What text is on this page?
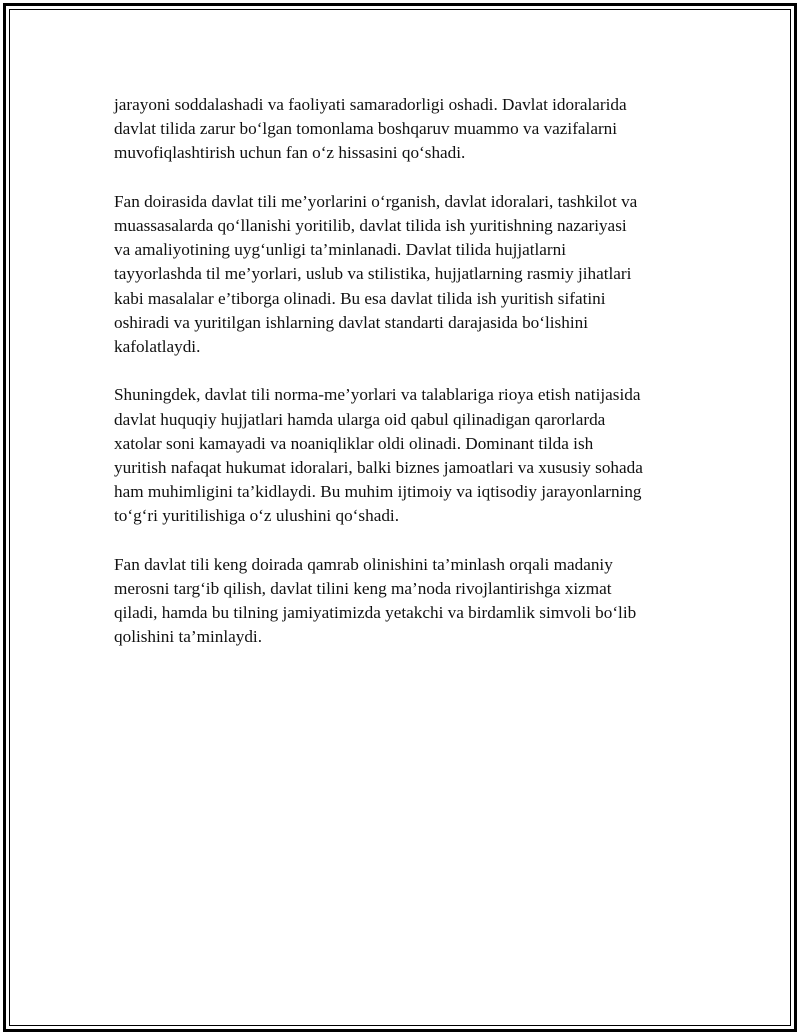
jarayoni soddalashadi va faoliyati samaradorligi oshadi. Davlat idoralarida
davlat tilida zarur bo‘lgan tomonlama boshqaruv muammo va vazifalarni
muvofiqlashtirish uchun fan o‘z hissasini qo‘shadi.

Fan doirasida davlat tili me’yorlarini o‘rganish, davlat idoralari, tashkilot va
muassasalarda qo‘llanishi yoritilib, davlat tilida ish yuritishning nazariyasi
va amaliyotining uyg‘unligi ta’minlanadi. Davlat tilida hujjatlarni
tayyorlashda til me’yorlari, uslub va stilistika, hujjatlarning rasmiy jihatlari
kabi masalalar e’tiborga olinadi. Bu esa davlat tilida ish yuritish sifatini
oshiradi va yuritilgan ishlarning davlat standarti darajasida bo‘lishini
kafolatlaydi.

Shuningdek, davlat tili norma-me’yorlari va talablariga rioya etish natijasida
davlat huquqiy hujjatlari hamda ularga oid qabul qilinadigan qarorlarda
xatolar soni kamayadi va noaniqliklar oldi olinadi. Dominant tilda ish
yuritish nafaqat hukumat idoralari, balki biznes jamoatlari va xususiy sohada
ham muhimligini ta’kidlaydi. Bu muhim ijtimoiy va iqtisodiy jarayonlarning
to‘g‘ri yuritilishiga o‘z ulushini qo‘shadi.

Fan davlat tili keng doirada qamrab olinishini ta’minlash orqali madaniy
merosni targ‘ib qilish, davlat tilini keng ma’noda rivojlantirishga xizmat
qiladi, hamda bu tilning jamiyatimizda yetakchi va birdamlik simvoli bo‘lib
qolishini ta’minlaydi.
